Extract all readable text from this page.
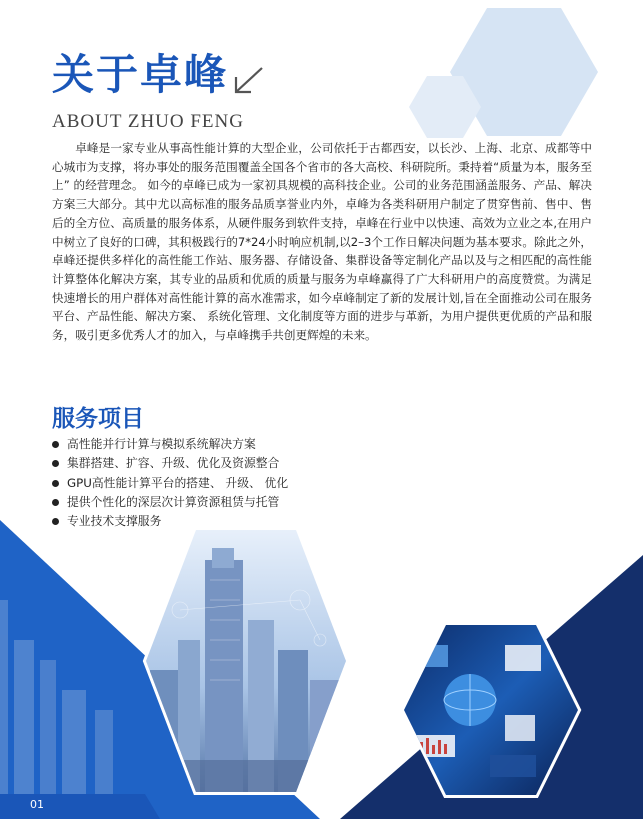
关于卓峰
ABOUT ZHUO FENG

卓峰是一家专业从事高性能计算的大型企业，公司依托于古都西安，以长沙、上海、北京、成都等中心城市为支撑，将办事处的服务范围覆盖全国各个省市的各大高校、科研院所。秉持着“质量为本，服务至上” 的经营理念。 如今的卓峰已成为一家初具规模的高科技企业。公司的业务范围涵盖服务、产品、解决方案三大部分。其中尤以高标准的服务品质享誉业内外，卓峰为各类科研用户制定了贯穿售前、售中、售后的全方位、高质量的服务体系，从硬件服务到软件支持，卓峰在行业中以快速、高效为立业之本,在用户中树立了良好的口碑，其积极践行的7*24小时响应机制,以2–3个工作日解决问题为基本要求。除此之外，卓峰还提供多样化的高性能工作站、服务器、存储设备、集群设备等定制化产品以及与之相匹配的高性能计算整体化解决方案，其专业的品质和优质的质量与服务为卓峰赢得了广大科研用户的高度赞赏。为满足快速增长的用户群体对高性能计算的高水准需求，如今卓峰制定了新的发展计划,旨在全面推动公司在服务平台、产品性能、解决方案、 系统化管理、文化制度等方面的进步与革新，为用户提供更优质的产品和服务，吸引更多优秀人才的加入，与卓峰携手共创更辉煌的未来。

服务项目
高性能并行计算与模拟系统解决方案
集群搭建、扩容、升级、优化及资源整合
GPU高性能计算平台的搭建、 升级、 优化
提供个性化的深层次计算资源租赁与托管
专业技术支撑服务
01
